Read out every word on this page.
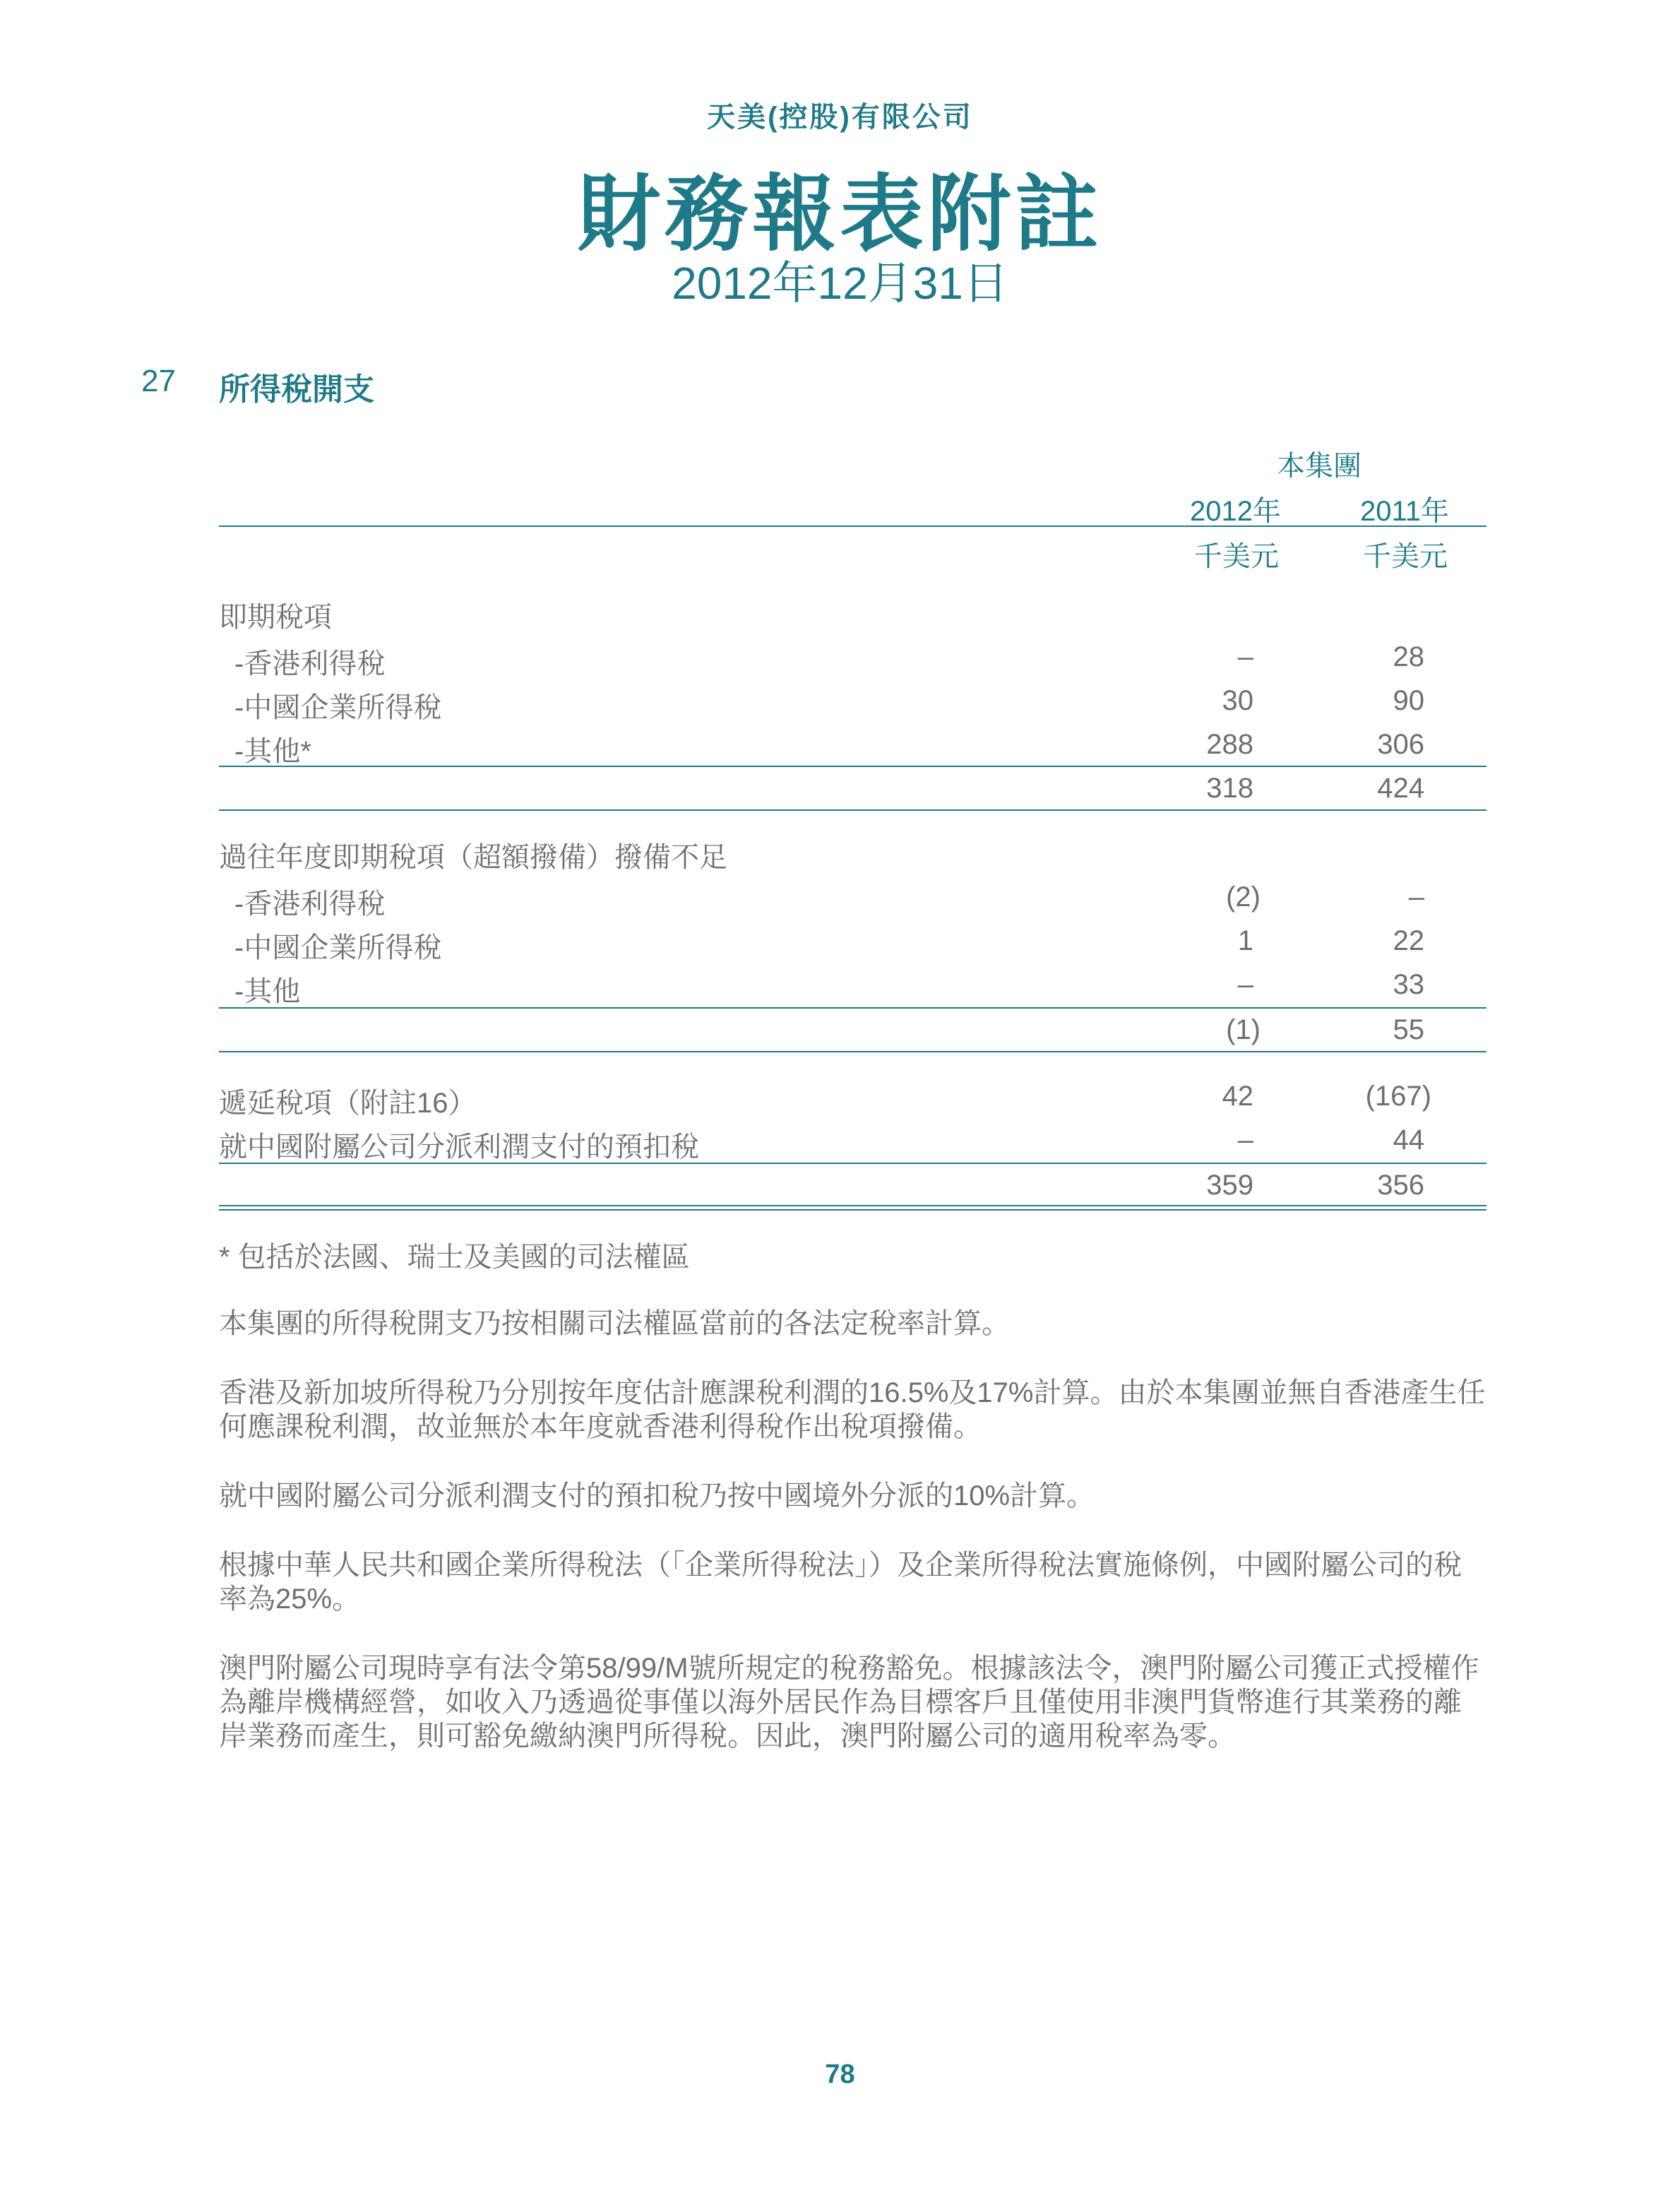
天美(控股)有限公司
財務報表附註
2012年12月31日
27 所得稅開支
本集團
2012年	2011年
千美元	千美元
即期稅項
-香港利得稅	–	28
-中國企業所得稅	30	90
-其他*	288	306
318	424
過往年度即期稅項（超額撥備）撥備不足
-香港利得稅	(2)	–
-中國企業所得稅	1	22
-其他	–	33
(1)	55
遞延稅項（附註16）	42	(167)
就中國附屬公司分派利潤支付的預扣稅	–	44
359	356
* 包括於法國、瑞士及美國的司法權區
本集團的所得稅開支乃按相關司法權區當前的各法定稅率計算。
香港及新加坡所得稅乃分別按年度估計應課稅利潤的16.5%及17%計算。由於本集團並無自香港產生任何應課稅利潤，故並無於本年度就香港利得稅作出稅項撥備。
就中國附屬公司分派利潤支付的預扣稅乃按中國境外分派的10%計算。
根據中華人民共和國企業所得稅法（「企業所得稅法」）及企業所得稅法實施條例，中國附屬公司的稅率為25%。
澳門附屬公司現時享有法令第58/99/M號所規定的稅務豁免。根據該法令，澳門附屬公司獲正式授權作為離岸機構經營，如收入乃透過從事僅以海外居民作為目標客戶且僅使用非澳門貨幣進行其業務的離岸業務而產生，則可豁免繳納澳門所得稅。因此，澳門附屬公司的適用稅率為零。
78
